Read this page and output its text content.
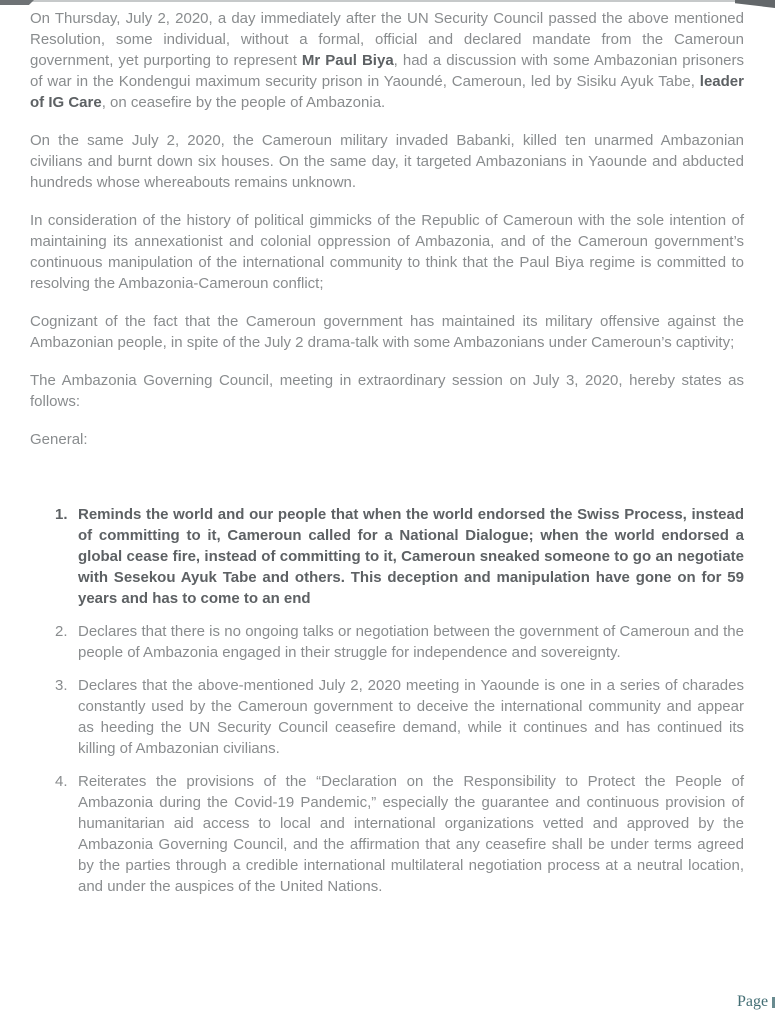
On Thursday, July 2, 2020, a day immediately after the UN Security Council passed the above mentioned Resolution, some individual, without a formal, official and declared mandate from the Cameroun government, yet purporting to represent Mr Paul Biya, had a discussion with some Ambazonian prisoners of war in the Kondengui maximum security prison in Yaoundé, Cameroun, led by Sisiku Ayuk Tabe, leader of IG Care, on ceasefire by the people of Ambazonia.

On the same July 2, 2020, the Cameroun military invaded Babanki, killed ten unarmed Ambazonian civilians and burnt down six houses. On the same day, it targeted Ambazonians in Yaounde and abducted hundreds whose whereabouts remains unknown.

In consideration of the history of political gimmicks of the Republic of Cameroun with the sole intention of maintaining its annexationist and colonial oppression of Ambazonia, and of the Cameroun government’s continuous manipulation of the international community to think that the Paul Biya regime is committed to resolving the Ambazonia-Cameroun conflict;

Cognizant of the fact that the Cameroun government has maintained its military offensive against the Ambazonian people, in spite of the July 2 drama-talk with some Ambazonians under Cameroun’s captivity;

The Ambazonia Governing Council, meeting in extraordinary session on July 3, 2020, hereby states as follows:

General:

1. Reminds the world and our people that when the world endorsed the Swiss Process, instead of committing to it, Cameroun called for a National Dialogue; when the world endorsed a global cease fire, instead of committing to it, Cameroun sneaked someone to go an negotiate with Sesekou Ayuk Tabe and others. This deception and manipulation have gone on for 59 years and has to come to an end
2. Declares that there is no ongoing talks or negotiation between the government of Cameroun and the people of Ambazonia engaged in their struggle for independence and sovereignty.
3. Declares that the above-mentioned July 2, 2020 meeting in Yaounde is one in a series of charades constantly used by the Cameroun government to deceive the international community and appear as heeding the UN Security Council ceasefire demand, while it continues and has continued its killing of Ambazonian civilians.
4. Reiterates the provisions of the “Declaration on the Responsibility to Protect the People of Ambazonia during the Covid-19 Pandemic,” especially the guarantee and continuous provision of humanitarian aid access to local and international organizations vetted and approved by the Ambazonia Governing Council, and the affirmation that any ceasefire shall be under terms agreed by the parties through a credible international multilateral negotiation process at a neutral location, and under the auspices of the United Nations.
Page
